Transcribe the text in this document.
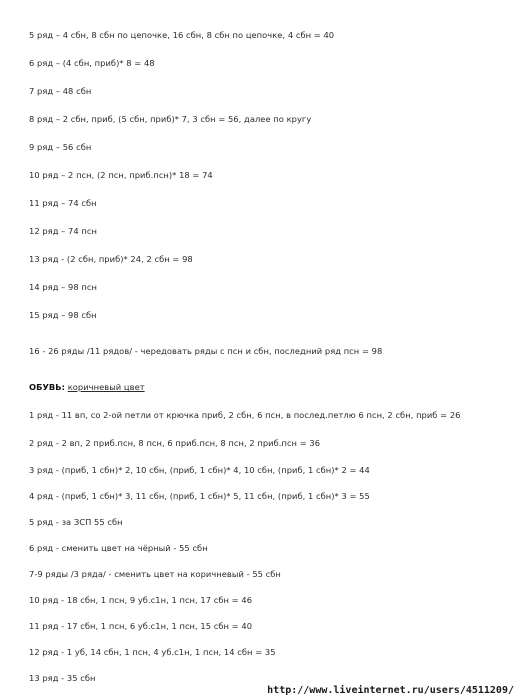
5 ряд – 4 сбн, 8 сбн по цепочке, 16 сбн, 8 сбн по цепочке, 4 сбн = 40
6 ряд – (4 сбн, приб)* 8 = 48
7 ряд – 48 сбн
8 ряд – 2 сбн, приб, (5 сбн, приб)* 7, 3 сбн = 56, далее по кругу
9 ряд – 56 сбн
10 ряд – 2 псн, (2 псн, приб.псн)* 18 = 74
11 ряд – 74 сбн
12 ряд – 74 псн
13 ряд - (2 сбн, приб)* 24, 2 сбн = 98
14 ряд – 98 псн
15 ряд – 98 сбн
16 - 26 ряды /11 рядов/ - чередовать ряды с псн и сбн, последний ряд псн = 98
ОБУВЬ: коричневый цвет
1 ряд - 11 вп, со 2-ой петли от крючка приб, 2 сбн, 6 псн, в послед.петлю 6 псн, 2 сбн, приб = 26
2 ряд - 2 вп, 2 приб.псн, 8 псн, 6 приб.псн, 8 псн, 2 приб.псн = 36
3 ряд - (приб, 1 сбн)* 2, 10 сбн, (приб, 1 сбн)* 4, 10 сбн, (приб, 1 сбн)* 2 = 44
4 ряд - (приб, 1 сбн)* 3, 11 сбн, (приб, 1 сбн)* 5, 11 сбн, (приб, 1 сбн)* 3 = 55
5 ряд - за ЗСП 55 сбн
6 ряд - сменить цвет на чёрный - 55 сбн
7-9 ряды /3 ряда/ - сменить цвет на коричневый - 55 сбн
10 ряд - 18 сбн, 1 псн, 9 уб.с1н, 1 псн, 17 сбн = 46
11 ряд - 17 сбн, 1 псн, 6 уб.с1н, 1 псн, 15 сбн = 40
12 ряд - 1 уб, 14 сбн, 1 псн, 4 уб.с1н, 1 псн, 14 сбн = 35
13 ряд - 35 сбн
http://www.liveinternet.ru/users/4511209/
